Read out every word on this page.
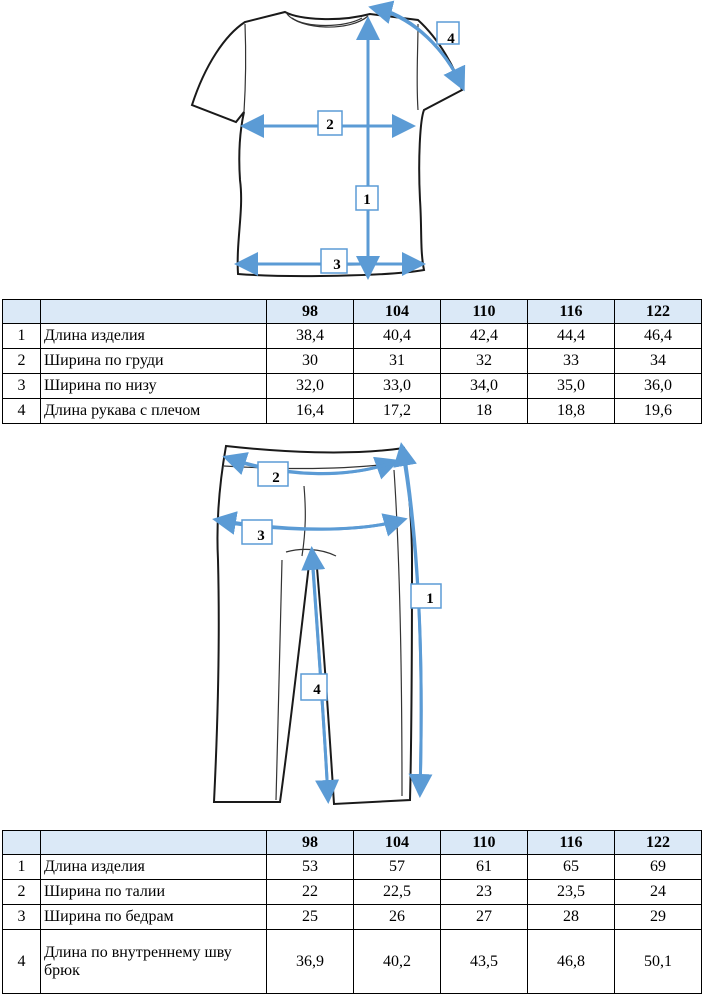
1
2
3
4
1
2
3
4
		98	104	110	116	122
1	Длина изделия	38,4	40,4	42,4	44,4	46,4
2	Ширина по груди	30	31	32	33	34
3	Ширина по низу	32,0	33,0	34,0	35,0	36,0
4	Длина рукава с плечом	16,4	17,2	18	18,8	19,6
		98	104	110	116	122
1	Длина изделия	53	57	61	65	69
2	Ширина по талии	22	22,5	23	23,5	24
3	Ширина по бедрам	25	26	27	28	29
4	Длина по внутреннему шву брюк	36,9	40,2	43,5	46,8	50,1
